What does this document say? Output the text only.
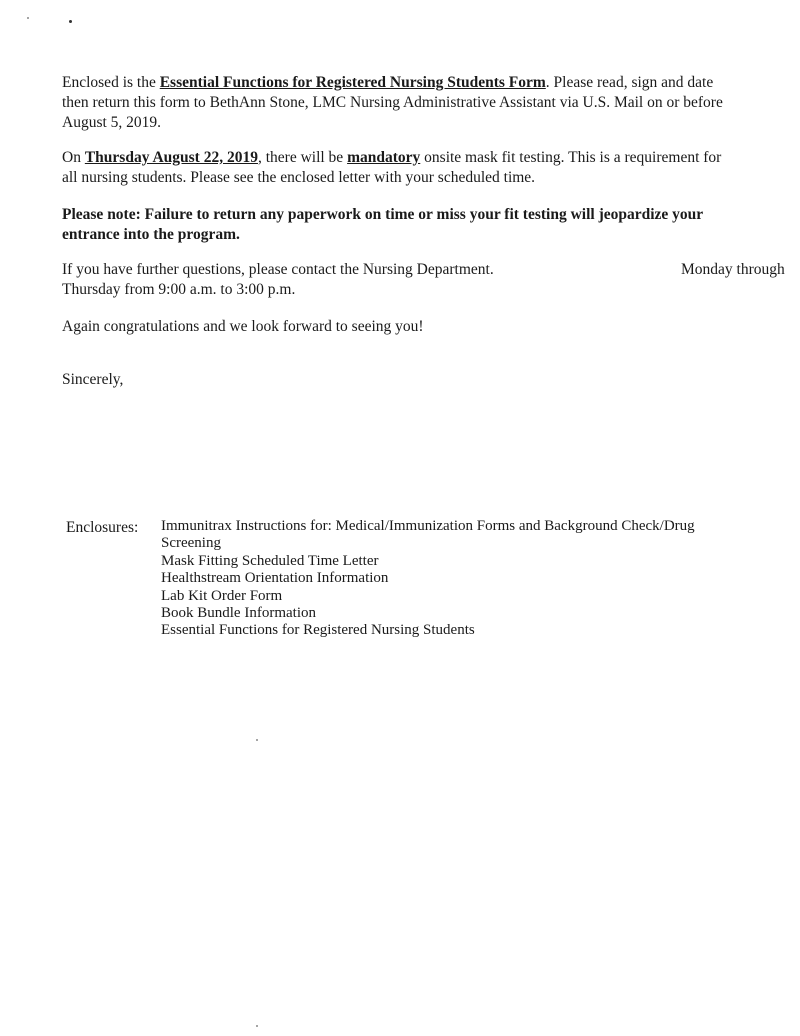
Enclosed is the Essential Functions for Registered Nursing Students Form. Please read, sign and date then return this form to BethAnn Stone, LMC Nursing Administrative Assistant via U.S. Mail on or before August 5, 2019.

On Thursday August 22, 2019, there will be mandatory onsite mask fit testing. This is a requirement for all nursing students. Please see the enclosed letter with your scheduled time.

Please note: Failure to return any paperwork on time or miss your fit testing will jeopardize your entrance into the program.

If you have further questions, please contact the Nursing Department.	Monday through
Thursday from 9:00 a.m. to 3:00 p.m.

Again congratulations and we look forward to seeing you!

Sincerely,

Enclosures: Immunitrax Instructions for: Medical/Immunization Forms and Background Check/Drug
Screening
Mask Fitting Scheduled Time Letter
Healthstream Orientation Information
Lab Kit Order Form
Book Bundle Information
Essential Functions for Registered Nursing Students
